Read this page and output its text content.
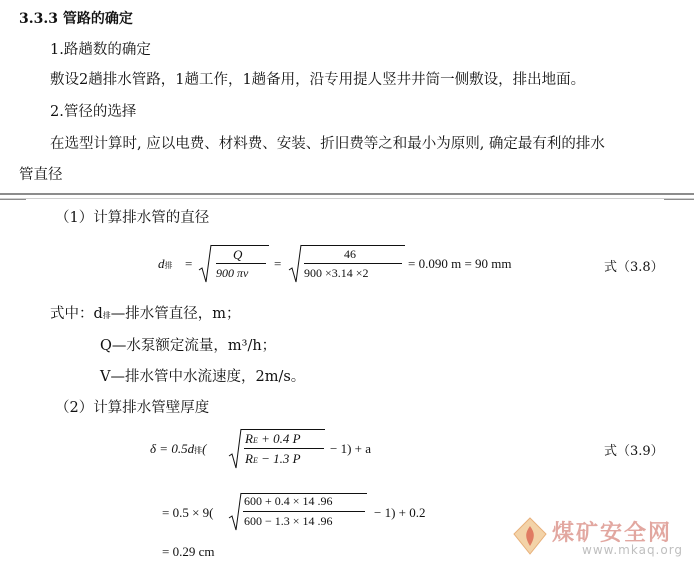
3.3.3 管路的确定
1.路趟数的确定
敷设2趟排水管路，1趟工作，1趟备用，沿专用提人竖井井筒一侧敷设，排出地面。
2.管径的选择
在选型计算时, 应以电费、材料费、安装、折旧费等之和最小为原则, 确定最有利的排水
管直径
（1）计算排水管的直径
d排 =
Q
900 πv
=
46
900 ×3.14 ×2
= 0.090 m = 90 mm	式（3.8）
式中：d排—排水管直径，m；
Q—水泵额定流量，m³/h；
V—排水管中水流速度，2m/s。
（2）计算排水管壁厚度
δ = 0.5d排(
RE + 0.4 P
RE − 1.3 P
− 1) + a	式（3.9）
= 0.5 × 9(
600 + 0.4 × 14 .96
600 − 1.3 × 14 .96
− 1) + 0.2
= 0.29 cm
煤矿安全网
www.mkaq.org
